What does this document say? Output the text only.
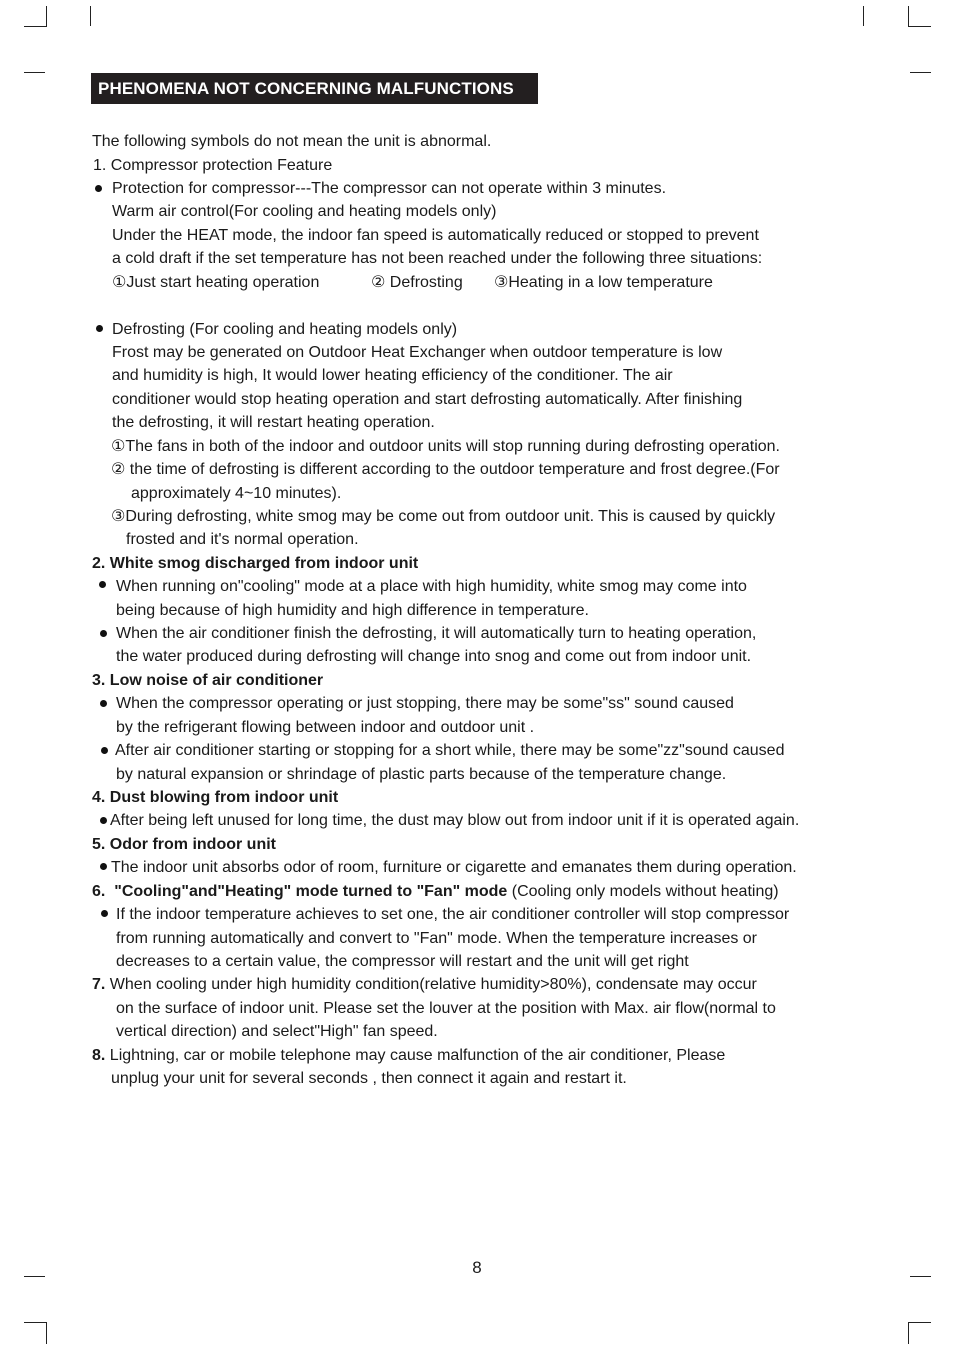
PHENOMENA NOT CONCERNING MALFUNCTIONS
The following symbols do not mean the unit is abnormal.
1. Compressor protection Feature
Protection for compressor---The compressor can not operate within 3 minutes.
Warm air control(For cooling and heating models only)
Under the HEAT mode, the indoor fan speed is automatically reduced or stopped to prevent
a cold draft if the set temperature has not been reached under the following three situations:
①Just start heating operation	② Defrosting ③Heating in a low temperature
Defrosting (For cooling and heating models only)
Frost may be generated on Outdoor Heat Exchanger when outdoor temperature is low
and humidity is high, It would lower heating efficiency of the conditioner. The air
conditioner would stop heating operation and start defrosting automatically. After finishing
the defrosting, it will restart heating operation.
①The fans in both of the indoor and outdoor units will stop running during defrosting operation.
② the time of defrosting is different according to the outdoor temperature and frost degree.(For
approximately 4~10 minutes).
③During defrosting, white smog may be come out from outdoor unit. This is caused by quickly
frosted and it's normal operation.
2. White smog discharged from indoor unit
When running on"cooling" mode at a place with high humidity, white smog may come into
being because of high humidity and high difference in temperature.
When the air conditioner finish the defrosting, it will automatically turn to heating operation,
the water produced during defrosting will change into snog and come out from indoor unit.
3. Low noise of air conditioner
When the compressor operating or just stopping, there may be some"ss" sound caused
by the refrigerant flowing between indoor and outdoor unit .
After air conditioner starting or stopping for a short while, there may be some"zz"sound caused
by natural expansion or shrindage of plastic parts because of the temperature change.
4. Dust blowing from indoor unit
After being left unused for long time, the dust may blow out from indoor unit if it is operated again.
5. Odor from indoor unit
The indoor unit absorbs odor of room, furniture or cigarette and emanates them during operation.
6. "Cooling"and"Heating" mode turned to "Fan" mode (Cooling only models without heating)
If the indoor temperature achieves to set one, the air conditioner controller will stop compressor
from running automatically and convert to "Fan" mode. When the temperature increases or
decreases to a certain value, the compressor will restart and the unit will get right
7. When cooling under high humidity condition(relative humidity>80%), condensate may occur
on the surface of indoor unit. Please set the louver at the position with Max. air flow(normal to
vertical direction) and select"High" fan speed.
8. Lightning, car or mobile telephone may cause malfunction of the air conditioner, Please
unplug your unit for several seconds , then connect it again and restart it.
8
